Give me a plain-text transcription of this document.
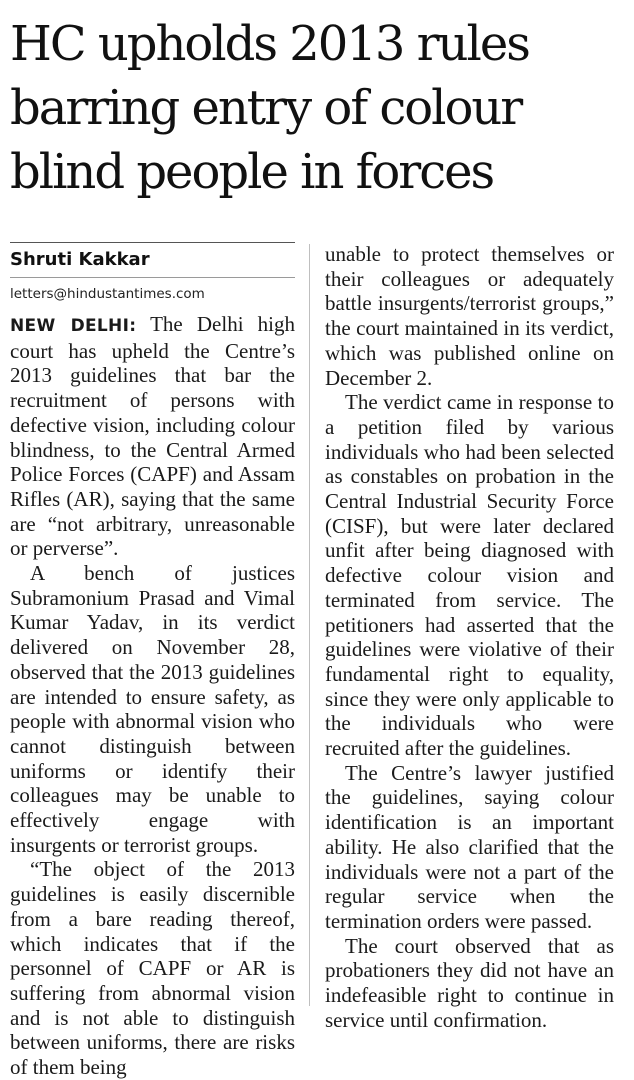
HC upholds 2013 rules
barring entry of colour
blind people in forces

Shruti Kakkar

letters@hindustantimes.com

NEW DELHI: The Delhi high court has upheld the Centre’s 2013 guidelines that bar the recruitment of persons with defective vision, including colour blindness, to the Central Armed Police Forces (CAPF) and Assam Rifles (AR), saying that the same are “not arbitrary, unreasonable or perverse”.

A bench of justices Subramonium Prasad and Vimal Kumar Yadav, in its verdict delivered on November 28, observed that the 2013 guidelines are intended to ensure safety, as people with abnormal vision who cannot distinguish between uniforms or identify their colleagues may be unable to effectively engage with insurgents or terrorist groups.

“The object of the 2013 guidelines is easily discernible from a bare reading thereof, which indicates that if the personnel of CAPF or AR is suffering from abnormal vision and is not able to distinguish between uniforms, there are risks of them being

unable to protect themselves or their colleagues or adequately battle insurgents/terrorist groups,” the court maintained in its verdict, which was published online on December 2.

The verdict came in response to a petition filed by various individuals who had been selected as constables on probation in the Central Industrial Security Force (CISF), but were later declared unfit after being diagnosed with defective colour vision and terminated from service. The petitioners had asserted that the guidelines were violative of their fundamental right to equality, since they were only applicable to the individuals who were recruited after the guidelines.

The Centre’s lawyer justified the guidelines, saying colour identification is an important ability. He also clarified that the individuals were not a part of the regular service when the termination orders were passed.

The court observed that as probationers they did not have an indefeasible right to continue in service until confirmation.
